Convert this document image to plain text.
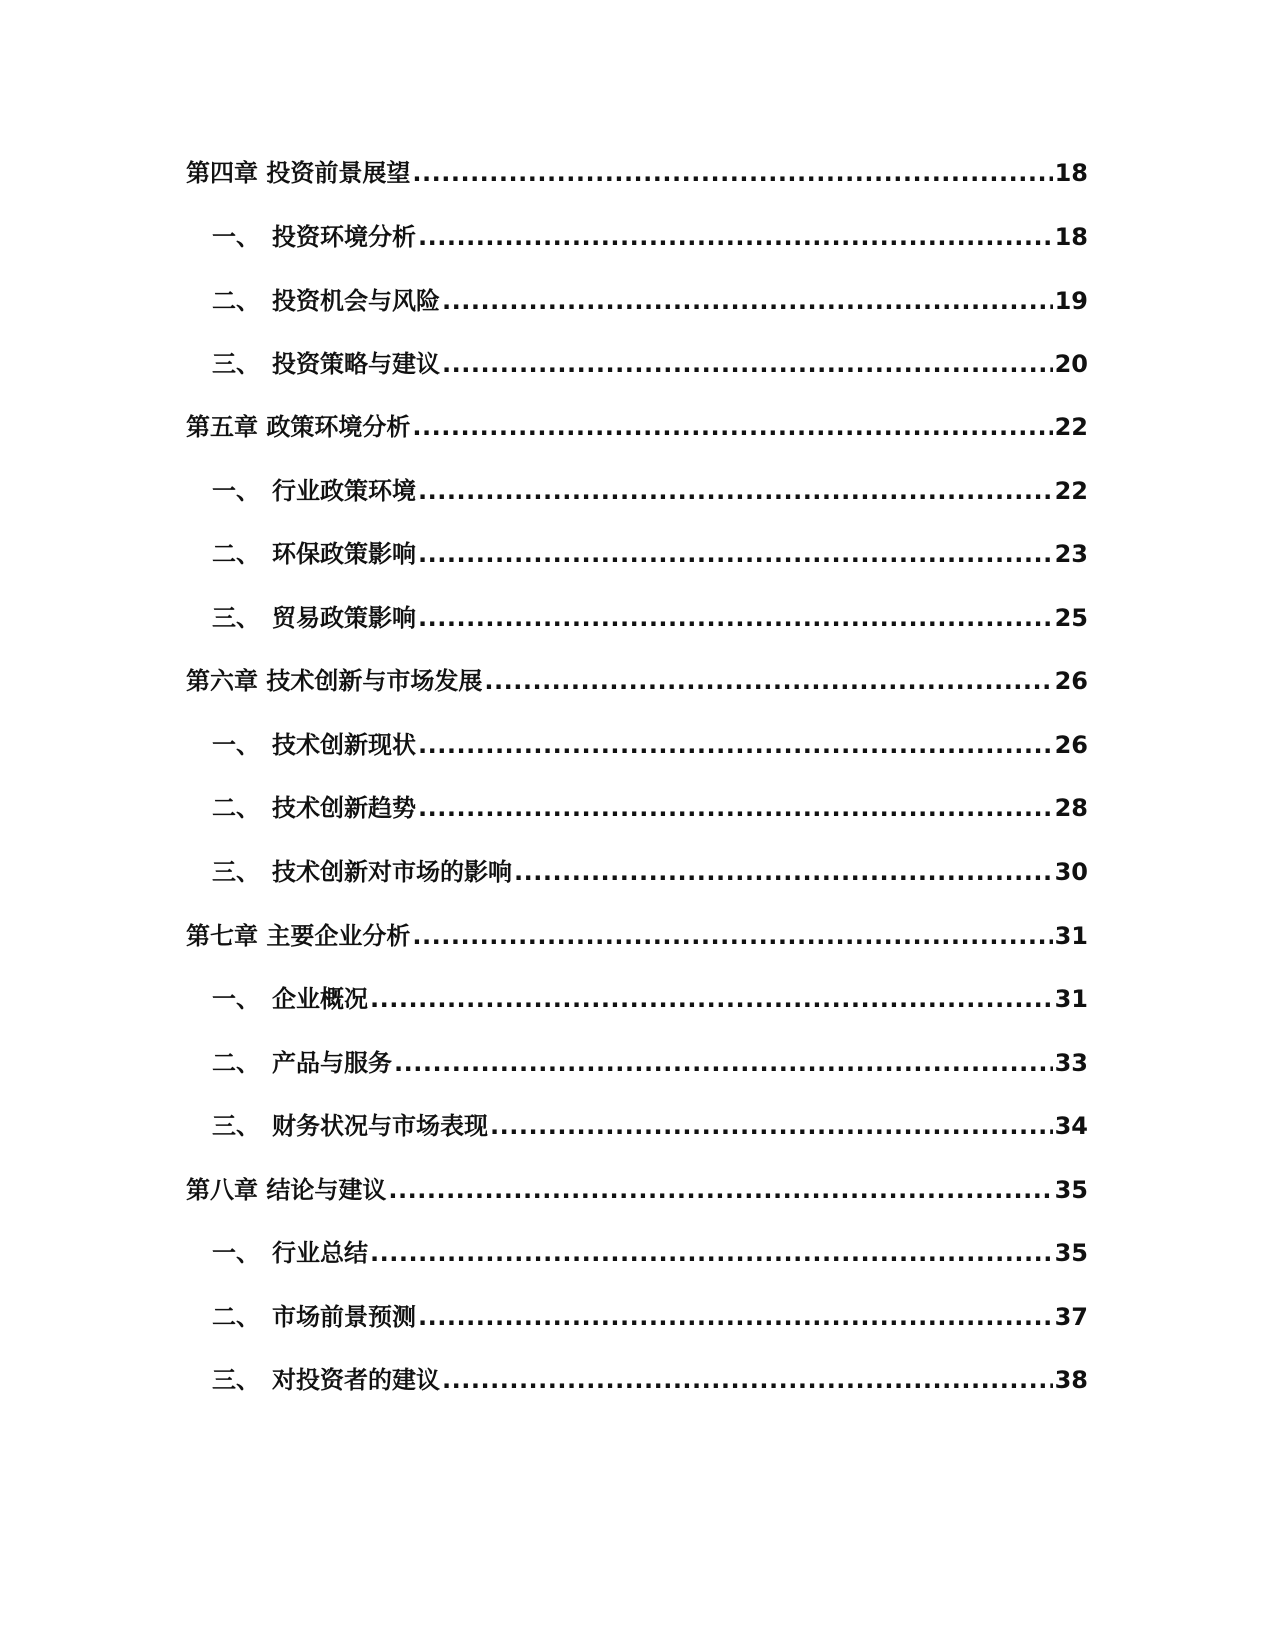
第四章 投资前景展望 .....	18
一、 投资环境分析 .....	18
二、 投资机会与风险 .....	19
三、 投资策略与建议 .....	20
第五章 政策环境分析 .....	22
一、 行业政策环境 .....	22
二、 环保政策影响 .....	23
三、 贸易政策影响 .....	25
第六章 技术创新与市场发展 .....	26
一、 技术创新现状 .....	26
二、 技术创新趋势 .....	28
三、 技术创新对市场的影响 .....	30
第七章 主要企业分析 .....	31
一、 企业概况 .....	31
二、 产品与服务 .....	33
三、 财务状况与市场表现 .....	34
第八章 结论与建议 .....	35
一、 行业总结 .....	35
二、 市场前景预测 .....	37
三、 对投资者的建议 .....	38
